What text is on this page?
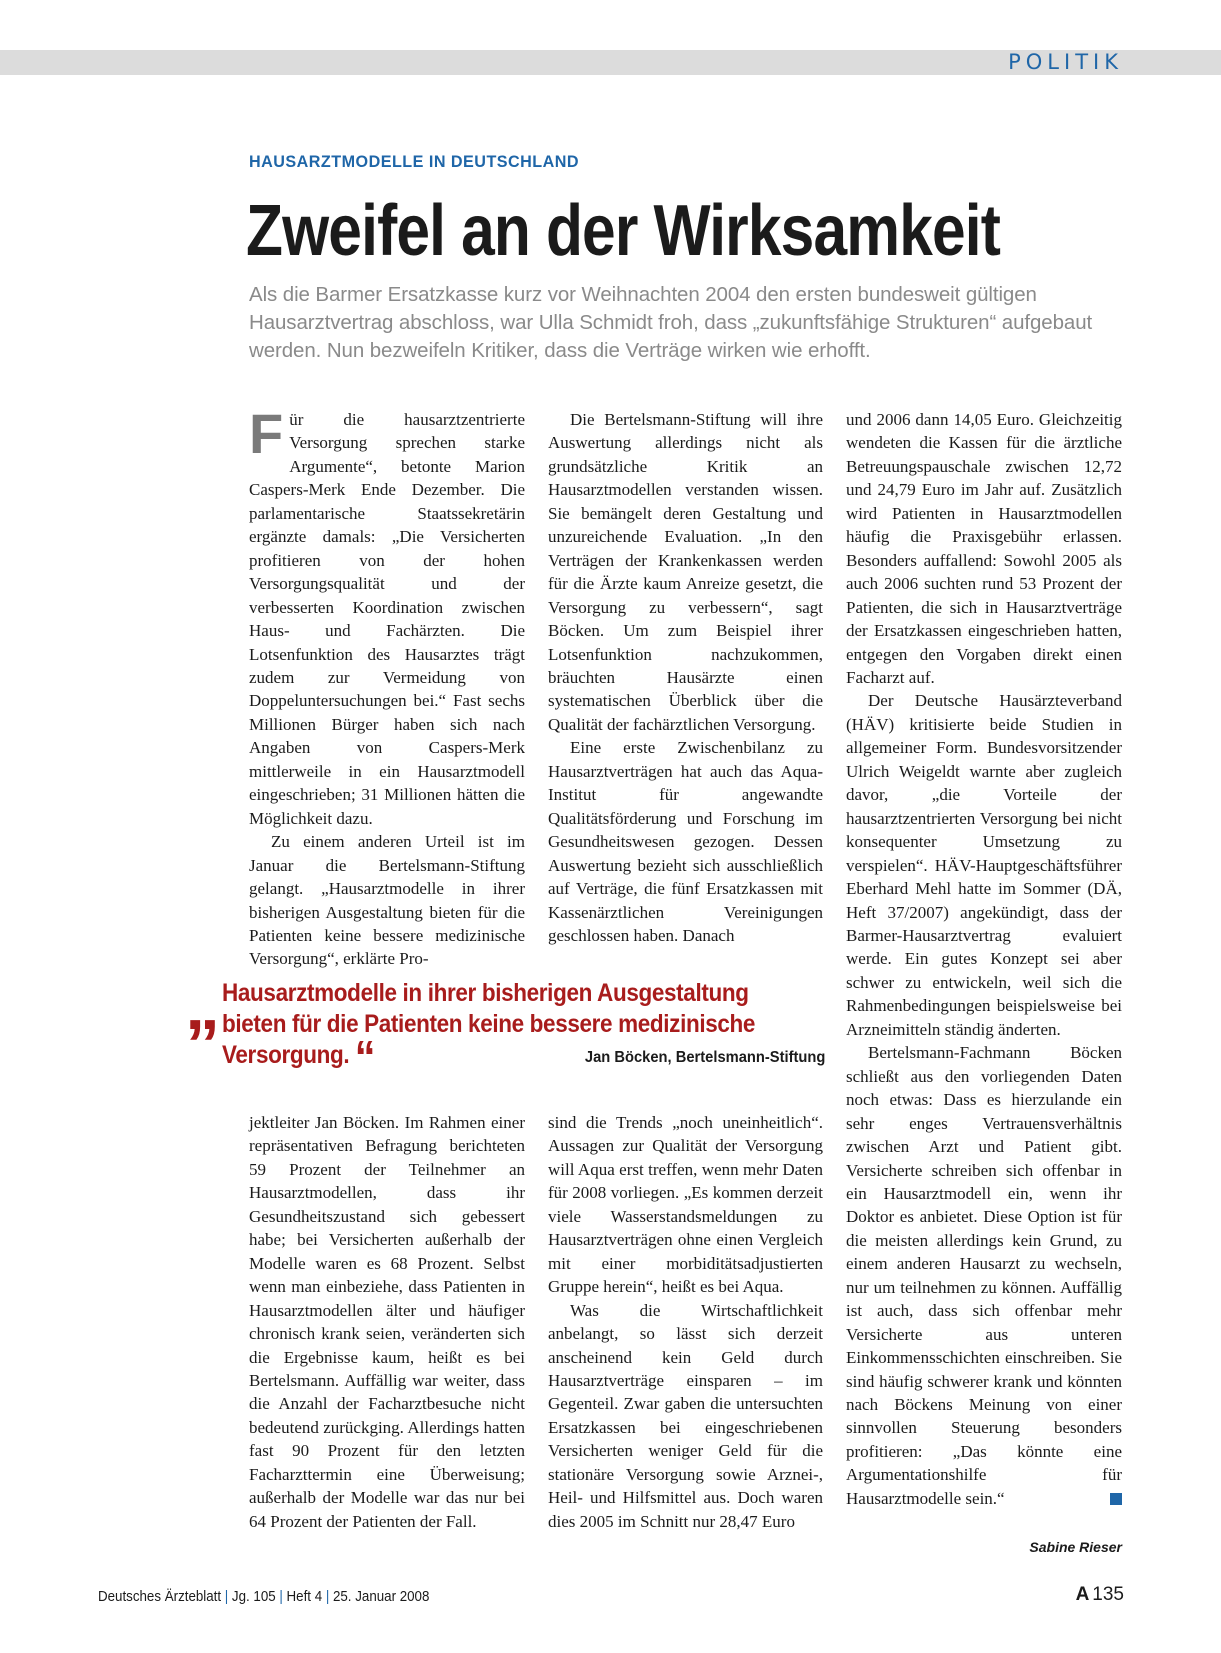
POLITIK
HAUSARZTMODELLE IN DEUTSCHLAND
Zweifel an der Wirksamkeit

Als die Barmer Ersatzkasse kurz vor Weihnachten 2004 den ersten bundesweit gültigen Hausarztvertrag abschloss, war Ulla Schmidt froh, dass „zukunftsfähige Strukturen“ aufgebaut werden. Nun bezweifeln Kritiker, dass die Verträge wirken wie erhofft.

F ür die hausarztzentrierte Versorgung sprechen starke Argumente“, betonte Marion Caspers-Merk Ende Dezember. Die parlamentarische Staatssekretärin ergänzte damals: „Die Versicherten profitieren von der hohen Versorgungsqualität und der verbesserten Koordination zwischen Haus- und Fachärzten. Die Lotsenfunktion des Hausarztes trägt zudem zur Vermeidung von Doppeluntersuchungen bei.“ Fast sechs Millionen Bürger haben sich nach Angaben von Caspers-Merk mittlerweile in ein Hausarztmodell eingeschrieben; 31 Millionen hätten die Möglichkeit dazu.
Zu einem anderen Urteil ist im Januar die Bertelsmann-Stiftung gelangt. „Hausarztmodelle in ihrer bisherigen Ausgestaltung bieten für die Patienten keine bessere medizinische Versorgung“, erklärte Pro-
Die Bertelsmann-Stiftung will ihre Auswertung allerdings nicht als grundsätzliche Kritik an Hausarztmodellen verstanden wissen. Sie bemängelt deren Gestaltung und unzureichende Evaluation. „In den Verträgen der Krankenkassen werden für die Ärzte kaum Anreize gesetzt, die Versorgung zu verbessern“, sagt Böcken. Um zum Beispiel ihrer Lotsenfunktion nachzukommen, bräuchten Hausärzte einen systematischen Überblick über die Qualität der fachärztlichen Versorgung.
Eine erste Zwischenbilanz zu Hausarztverträgen hat auch das Aqua-Institut für angewandte Qualitätsförderung und Forschung im Gesundheitswesen gezogen. Dessen Auswertung bezieht sich ausschließlich auf Verträge, die fünf Ersatzkassen mit Kassenärztlichen Vereinigungen geschlossen haben. Danach
und 2006 dann 14,05 Euro. Gleichzeitig wendeten die Kassen für die ärztliche Betreuungspauschale zwischen 12,72 und 24,79 Euro im Jahr auf. Zusätzlich wird Patienten in Hausarztmodellen häufig die Praxisgebühr erlassen. Besonders auffallend: Sowohl 2005 als auch 2006 suchten rund 53 Prozent der Patienten, die sich in Hausarztverträge der Ersatzkassen eingeschrieben hatten, entgegen den Vorgaben direkt einen Facharzt auf.
Der Deutsche Hausärzteverband (HÄV) kritisierte beide Studien in allgemeiner Form. Bundesvorsitzender Ulrich Weigeldt warnte aber zugleich davor, „die Vorteile der hausarztzentrierten Versorgung bei nicht konsequenter Umsetzung zu verspielen“. HÄV-Hauptgeschäftsführer Eberhard Mehl hatte im Sommer (DÄ, Heft 37/2007) angekündigt, dass der Barmer-Hausarztvertrag evaluiert werde. Ein gutes Konzept sei aber schwer zu entwickeln, weil sich die Rahmenbedingungen beispielsweise bei Arzneimitteln ständig änderten.
Bertelsmann-Fachmann Böcken schließt aus den vorliegenden Daten noch etwas: Dass es hierzulande ein sehr enges Vertrauensverhältnis zwischen Arzt und Patient gibt. Versicherte schreiben sich offenbar in ein Hausarztmodell ein, wenn ihr Doktor es anbietet. Diese Option ist für die meisten allerdings kein Grund, zu einem anderen Hausarzt zu wechseln, nur um teilnehmen zu können. Auffällig ist auch, dass sich offenbar mehr Versicherte aus unteren Einkommensschichten einschreiben. Sie sind häufig schwerer krank und könnten nach Böckens Meinung von einer sinnvollen Steuerung besonders profitieren: „Das könnte eine Argumentationshilfe für Hausarztmodelle sein.“
„ Hausarztmodelle in ihrer bisherigen Ausgestaltung bieten für die Patienten keine bessere medizinische Versorgung. “	Jan Böcken, Bertelsmann-Stiftung
jektleiter Jan Böcken. Im Rahmen einer repräsentativen Befragung berichteten 59 Prozent der Teilnehmer an Hausarztmodellen, dass ihr Gesundheitszustand sich gebessert habe; bei Versicherten außerhalb der Modelle waren es 68 Prozent. Selbst wenn man einbeziehe, dass Patienten in Hausarztmodellen älter und häufiger chronisch krank seien, veränderten sich die Ergebnisse kaum, heißt es bei Bertelsmann. Auffällig war weiter, dass die Anzahl der Facharztbesuche nicht bedeutend zurückging. Allerdings hatten fast 90 Prozent für den letzten Facharzttermin eine Überweisung; außerhalb der Modelle war das nur bei 64 Prozent der Patienten der Fall.
sind die Trends „noch uneinheitlich“. Aussagen zur Qualität der Versorgung will Aqua erst treffen, wenn mehr Daten für 2008 vorliegen. „Es kommen derzeit viele Wasserstandsmeldungen zu Hausarztverträgen ohne einen Vergleich mit einer morbiditätsadjustierten Gruppe herein“, heißt es bei Aqua.
Was die Wirtschaftlichkeit anbelangt, so lässt sich derzeit anscheinend kein Geld durch Hausarztverträge einsparen – im Gegenteil. Zwar gaben die untersuchten Ersatzkassen bei eingeschriebenen Versicherten weniger Geld für die stationäre Versorgung sowie Arznei-, Heil- und Hilfsmittel aus. Doch waren dies 2005 im Schnitt nur 28,47 Euro
Sabine Rieser
Deutsches Ärzteblatt | Jg. 105 | Heft 4 | 25. Januar 2008	A 135
